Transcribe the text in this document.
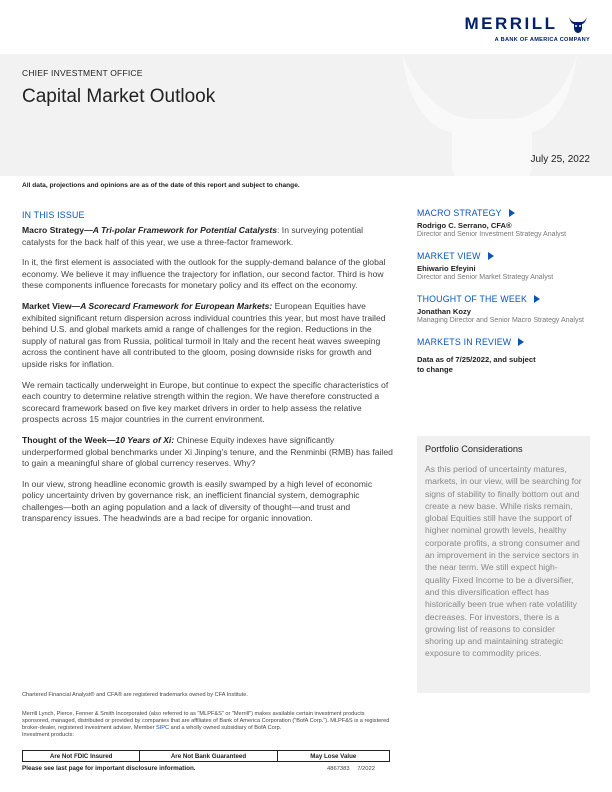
MERRILL
A BANK OF AMERICA COMPANY
CHIEF INVESTMENT OFFICE
Capital Market Outlook
July 25, 2022
All data, projections and opinions are as of the date of this report and subject to change.
IN THIS ISSUE

Macro Strategy—A Tri-polar Framework for Potential Catalysts: In surveying potential catalysts for the back half of this year, we use a three-factor framework.

In it, the first element is associated with the outlook for the supply-demand balance of the global economy. We believe it may influence the trajectory for inflation, our second factor. Third is how these components influence forecasts for monetary policy and its effect on the economy.

Market View—A Scorecard Framework for European Markets: European Equities have exhibited significant return dispersion across individual countries this year, but most have trailed behind U.S. and global markets amid a range of challenges for the region. Reductions in the supply of natural gas from Russia, political turmoil in Italy and the recent heat waves sweeping across the continent have all contributed to the gloom, posing downside risks for growth and upside risks for inflation.

We remain tactically underweight in Europe, but continue to expect the specific characteristics of each country to determine relative strength within the region. We have therefore constructed a scorecard framework based on five key market drivers in order to help assess the relative prospects across 15 major countries in the current environment.

Thought of the Week—10 Years of Xi: Chinese Equity indexes have significantly underperformed global benchmarks under Xi Jinping's tenure, and the Renminbi (RMB) has failed to gain a meaningful share of global currency reserves. Why?

In our view, strong headline economic growth is easily swamped by a high level of economic policy uncertainty driven by governance risk, an inefficient financial system, demographic challenges—both an aging population and a lack of diversity of thought—and trust and transparency issues. The headwinds are a bad recipe for organic innovation.

MACRO STRATEGY
Rodrigo C. Serrano, CFA®
Director and Senior Investment Strategy Analyst
MARKET VIEW
Ehiwario Efeyini
Director and Senior Market Strategy Analyst
THOUGHT OF THE WEEK
Jonathan Kozy
Managing Director and Senior Macro Strategy Analyst
MARKETS IN REVIEW
Data as of 7/25/2022, and subject to change
Portfolio Considerations
As this period of uncertainty matures, markets, in our view, will be searching for signs of stability to finally bottom out and create a new base. While risks remain, global Equities still have the support of higher nominal growth levels, healthy corporate profits, a strong consumer and an improvement in the service sectors in the near term. We still expect high-quality Fixed Income to be a diversifier, and this diversification effect has historically been true when rate volatility decreases. For investors, there is a growing list of reasons to consider shoring up and maintaining strategic exposure to commodity prices.
Chartered Financial Analyst® and CFA® are registered trademarks owned by CFA Institute.
Merrill Lynch, Pierce, Fenner & Smith Incorporated (also referred to as "MLPF&S" or "Merrill") makes available certain investment products sponsored, managed, distributed or provided by companies that are affiliates of Bank of America Corporation ("BofA Corp."). MLPF&S is a registered broker-dealer, registered investment adviser, Member SIPC and a wholly owned subsidiary of BofA Corp.
Investment products:
Are Not FDIC Insured	Are Not Bank Guaranteed	May Lose Value
Please see last page for important disclosure information.	4867383 7/2022
